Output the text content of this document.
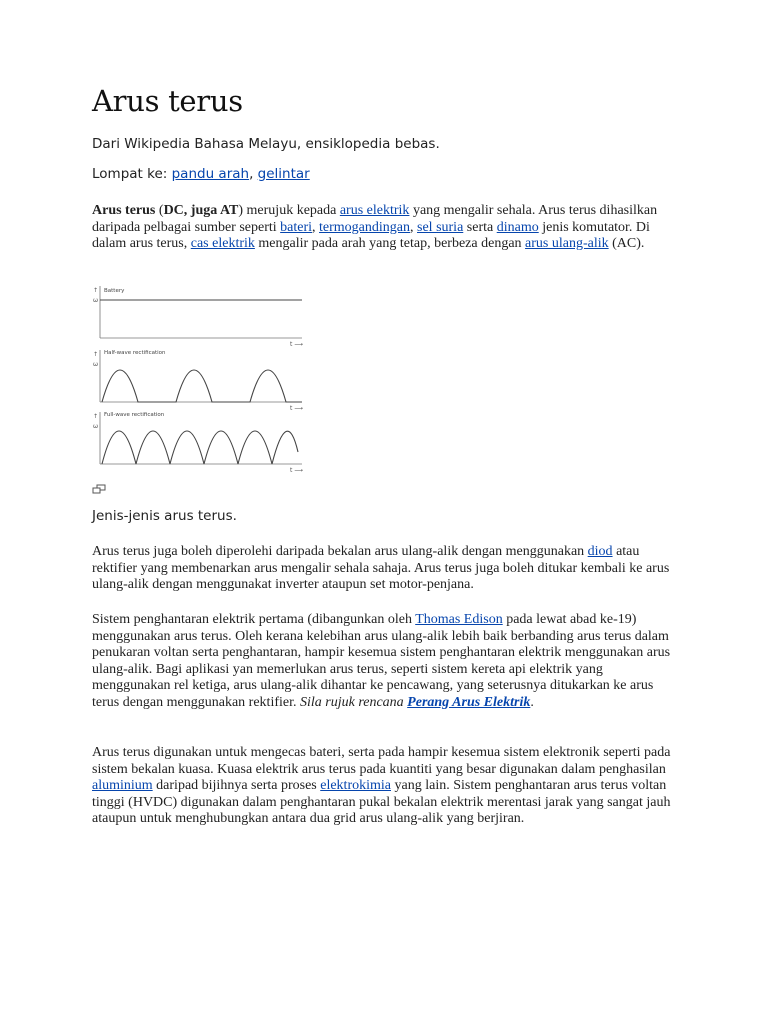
Arus terus
Dari Wikipedia Bahasa Melayu, ensiklopedia bebas.
Lompat ke: pandu arah, gelintar

Arus terus (DC, juga AT) merujuk kepada arus elektrik yang mengalir sehala. Arus terus dihasilkan daripada pelbagai sumber seperti bateri, termogandingan, sel suria serta dinamo jenis komutator. Di dalam arus terus, cas elektrik mengalir pada arah yang tetap, berbeza dengan arus ulang-alik (AC).

↑
ω
Battery
t ⟶
↑
ω
Half-wave rectification
t ⟶
↑
ω
Full-wave rectification
t ⟶
Jenis-jenis arus terus.

Arus terus juga boleh diperolehi daripada bekalan arus ulang-alik dengan menggunakan diod atau rektifier yang membenarkan arus mengalir sehala sahaja. Arus terus juga boleh ditukar kembali ke arus ulang-alik dengan menggunakat inverter ataupun set motor-penjana.

Sistem penghantaran elektrik pertama (dibangunkan oleh Thomas Edison pada lewat abad ke-19) menggunakan arus terus. Oleh kerana kelebihan arus ulang-alik lebih baik berbanding arus terus dalam penukaran voltan serta penghantaran, hampir kesemua sistem penghantaran elektrik menggunakan arus ulang-alik. Bagi aplikasi yan memerlukan arus terus, seperti sistem kereta api elektrik yang menggunakan rel ketiga, arus ulang-alik dihantar ke pencawang, yang seterusnya ditukarkan ke arus terus dengan menggunakan rektifier. Sila rujuk rencana Perang Arus Elektrik.

Arus terus digunakan untuk mengecas bateri, serta pada hampir kesemua sistem elektronik seperti pada sistem bekalan kuasa. Kuasa elektrik arus terus pada kuantiti yang besar digunakan dalam penghasilan aluminium daripad bijihnya serta proses elektrokimia yang lain. Sistem penghantaran arus terus voltan tinggi (HVDC) digunakan dalam penghantaran pukal bekalan elektrik merentasi jarak yang sangat jauh ataupun untuk menghubungkan antara dua grid arus ulang-alik yang berjiran.
